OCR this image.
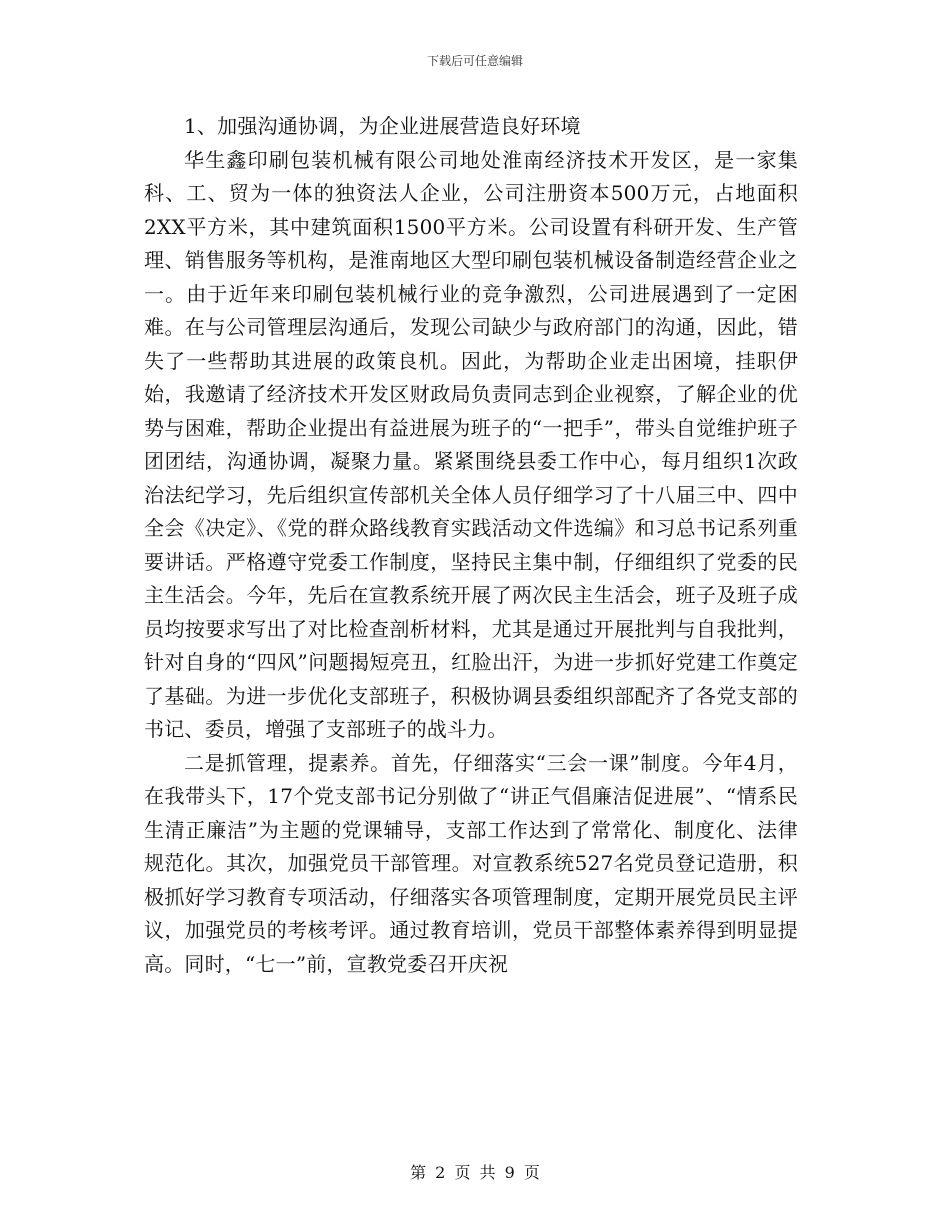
下载后可任意编辑

1、加强沟通协调，为企业进展营造良好环境

华生鑫印刷包装机械有限公司地处淮南经济技术开发区，是一家集科、工、贸为一体的独资法人企业，公司注册资本500万元，占地面积2XX平方米，其中建筑面积1500平方米。公司设置有科研开发、生产管理、销售服务等机构，是淮南地区大型印刷包装机械设备制造经营企业之一。由于近年来印刷包装机械行业的竞争激烈，公司进展遇到了一定困难。在与公司管理层沟通后，发现公司缺少与政府部门的沟通，因此，错失了一些帮助其进展的政策良机。因此，为帮助企业走出困境，挂职伊始，我邀请了经济技术开发区财政局负责同志到企业视察，了解企业的优势与困难，帮助企业提出有益进展为班子的“一把手”，带头自觉维护班子团团结，沟通协调，凝聚力量。紧紧围绕县委工作中心，每月组织1次政治法纪学习，先后组织宣传部机关全体人员仔细学习了十八届三中、四中全会《决定》、《党的群众路线教育实践活动文件选编》和习总书记系列重要讲话。严格遵守党委工作制度，坚持民主集中制，仔细组织了党委的民主生活会。今年，先后在宣教系统开展了两次民主生活会，班子及班子成员均按要求写出了对比检查剖析材料，尤其是通过开展批判与自我批判，针对自身的“四风”问题揭短亮丑，红脸出汗，为进一步抓好党建工作奠定了基础。为进一步优化支部班子，积极协调县委组织部配齐了各党支部的书记、委员，增强了支部班子的战斗力。

二是抓管理，提素养。首先，仔细落实“三会一课”制度。今年4月，在我带头下，17个党支部书记分别做了“讲正气倡廉洁促进展”、“情系民生清正廉洁”为主题的党课辅导，支部工作达到了常常化、制度化、法律规范化。其次，加强党员干部管理。对宣教系统527名党员登记造册，积极抓好学习教育专项活动，仔细落实各项管理制度，定期开展党员民主评议，加强党员的考核考评。通过教育培训，党员干部整体素养得到明显提高。同时，“七一”前，宣教党委召开庆祝

第 2 页 共 9 页
